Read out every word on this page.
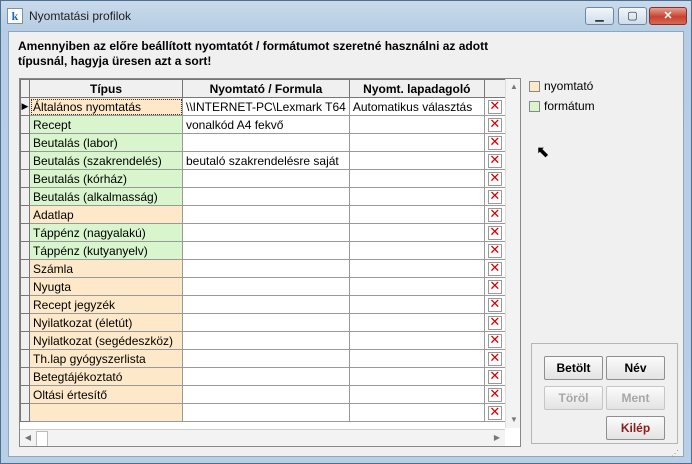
k Nyomtatási profilok	▁	▢	✕
Amennyiben az előre beállított nyomtatót / formátumot szeretné használni az adott típusnál, hagyja üresen azt a sort!
	Típus	Nyomtató / Formula	Nyomt. lapadagoló	
▶	Általános nyomtatás	\\INTERNET-PC\Lexmark T64	Automatikus választás	✕
	Recept	vonalkód A4 fekvő		✕
	Beutalás (labor)			✕
	Beutalás (szakrendelés)	beutaló szakrendelésre saját		✕
	Beutalás (kórház)			✕
	Beutalás (alkalmasság)			✕
	Adatlap			✕
	Táppénz (nagyalakú)			✕
	Táppénz (kutyanyelv)			✕
	Számla			✕
	Nyugta			✕
	Recept jegyzék			✕
	Nyilatkozat (életút)			✕
	Nyilatkozat (segédeszköz)			✕
	Th.lap gyógyszerlista			✕
	Betegtájékoztató			✕
	Oltási értesítő			✕
				✕
▲
▼
◀	▶
nyomtató
formátum
⬉
Betölt	Név
Töröl	Ment
Kilép
⋰
